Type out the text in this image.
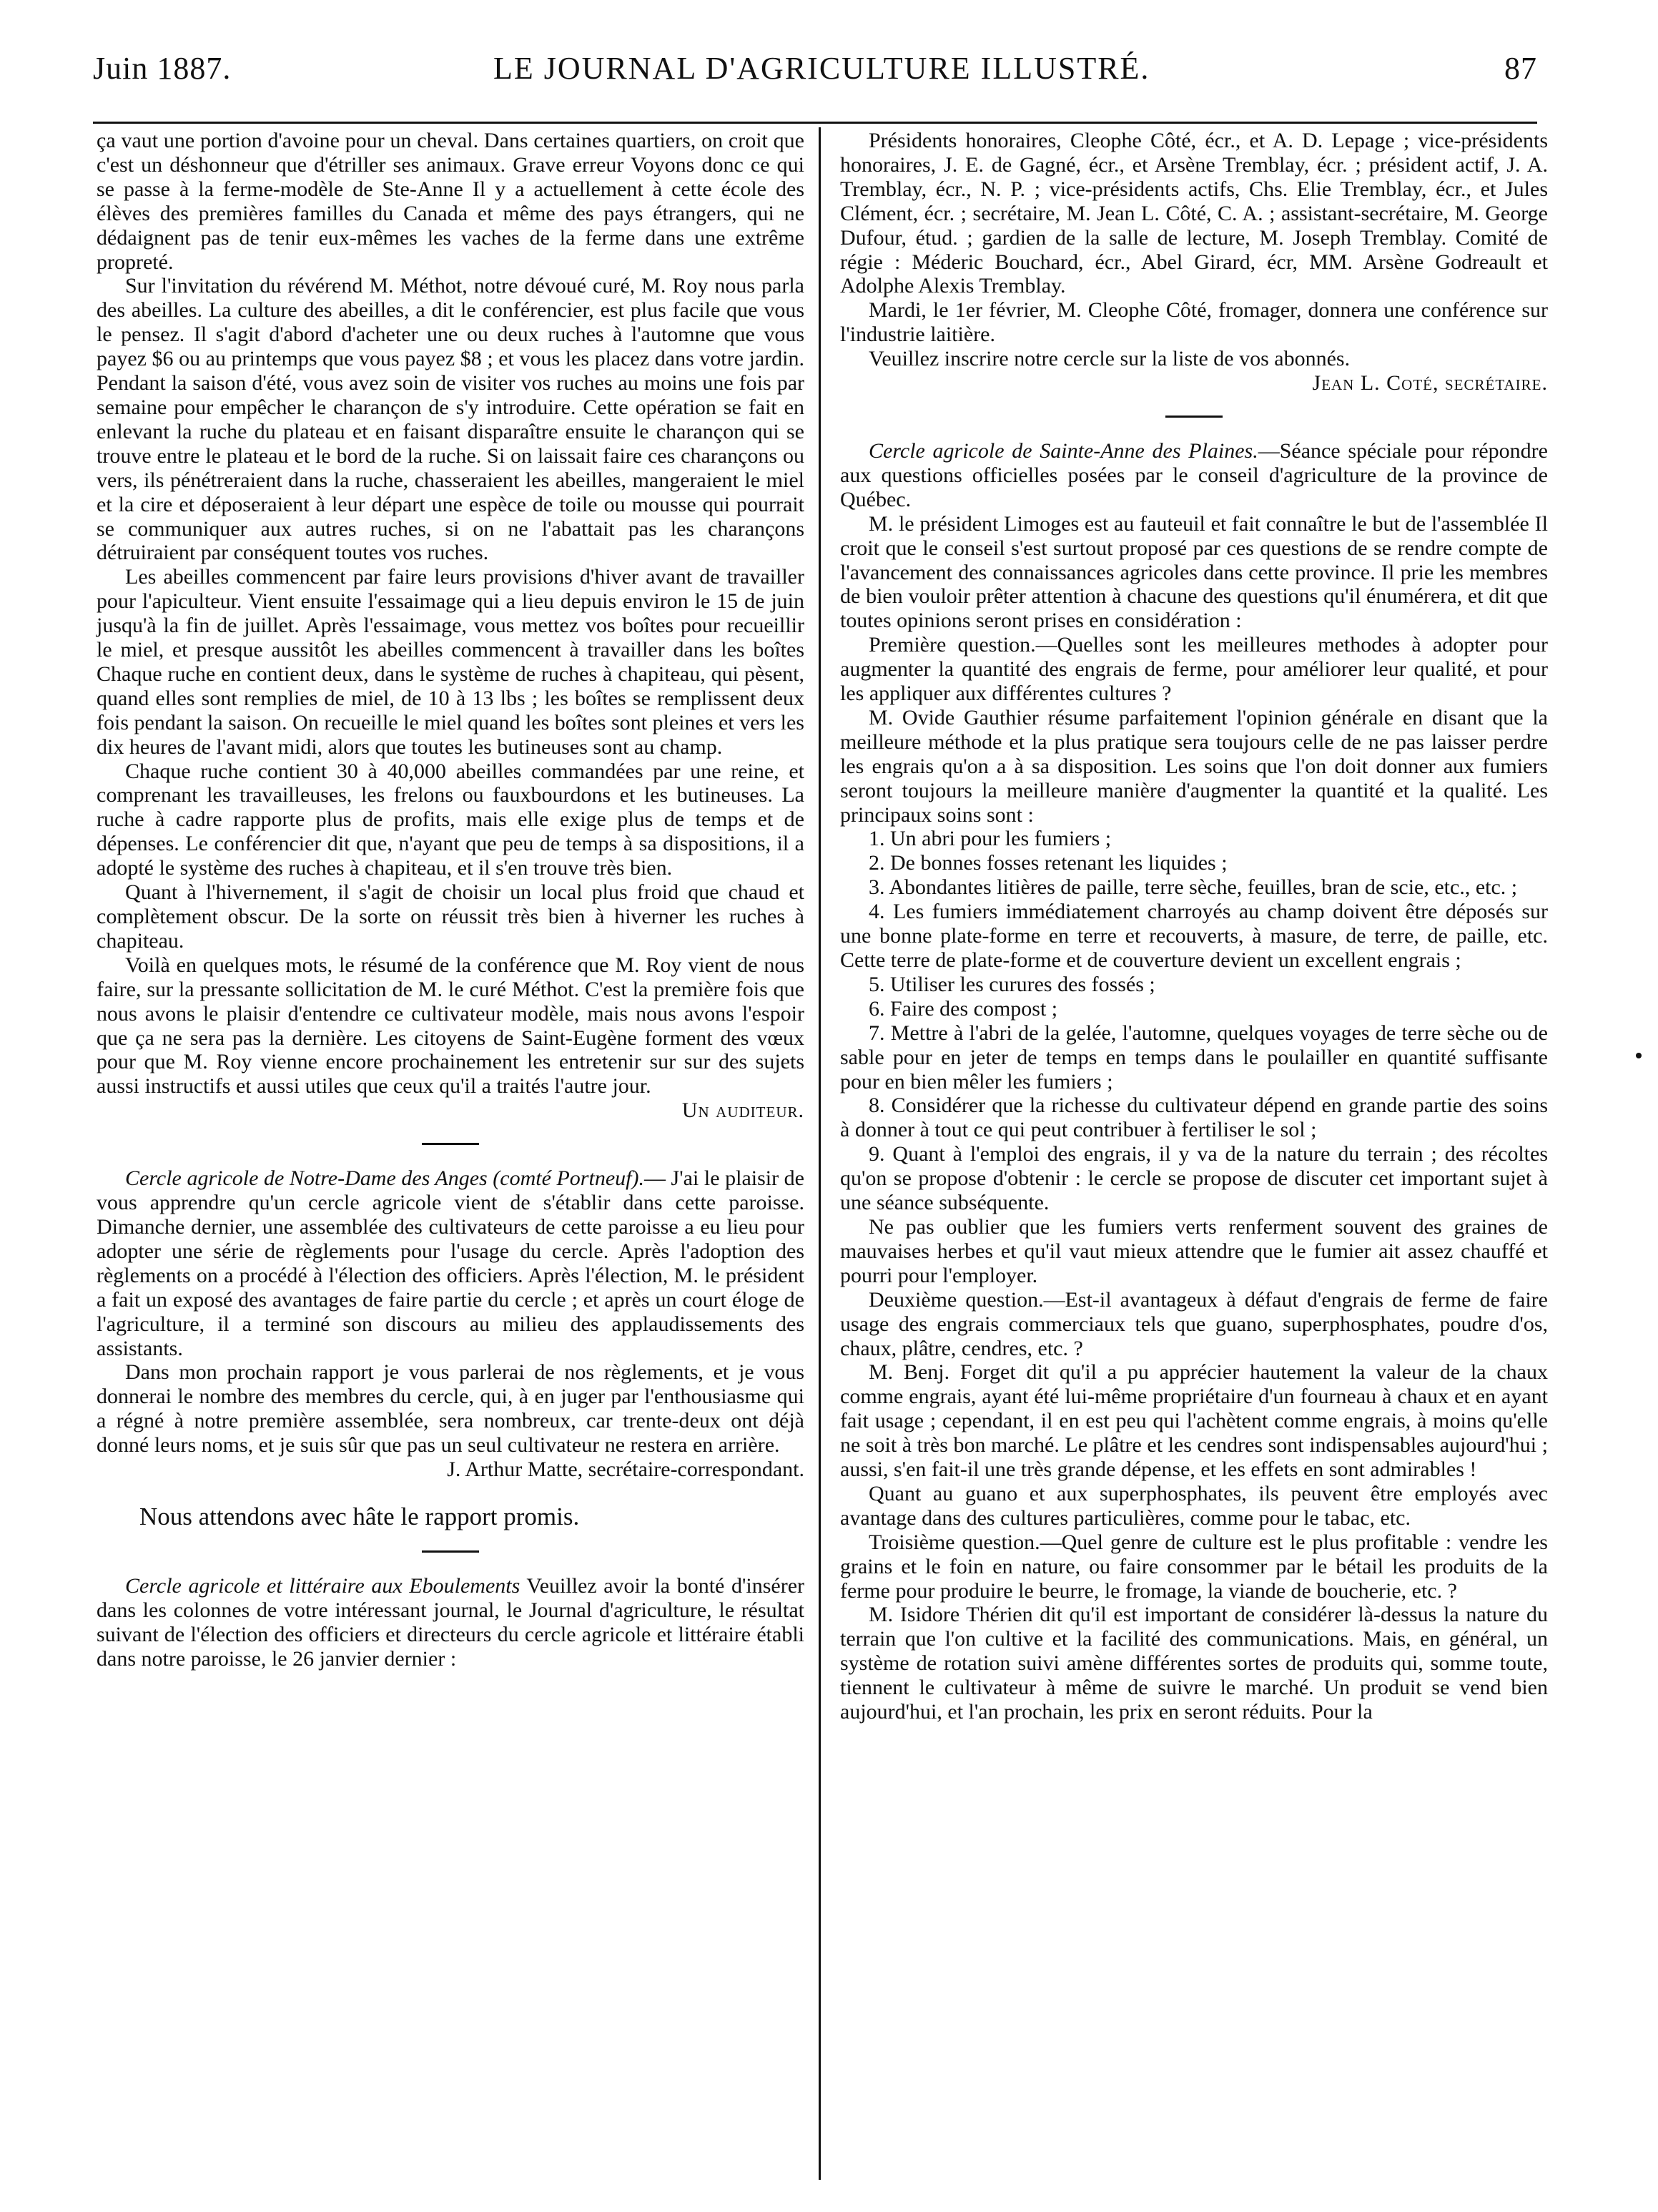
Juin 1887.	LE JOURNAL D'AGRICULTURE ILLUSTRÉ.	87

ça vaut une portion d'avoine pour un cheval. Dans certaines quartiers, on croit que c'est un déshonneur que d'étriller ses animaux. Grave erreur Voyons donc ce qui se passe à la ferme-modèle de Ste-Anne Il y a actuellement à cette école des élèves des premières familles du Canada et même des pays étrangers, qui ne dédaignent pas de tenir eux-mêmes les vaches de la ferme dans une extrême propreté.

Sur l'invitation du révérend M. Méthot, notre dévoué curé, M. Roy nous parla des abeilles. La culture des abeilles, a dit le conférencier, est plus facile que vous le pensez. Il s'agit d'abord d'acheter une ou deux ruches à l'automne que vous payez $6 ou au printemps que vous payez $8 ; et vous les placez dans votre jardin. Pendant la saison d'été, vous avez soin de visiter vos ruches au moins une fois par semaine pour empêcher le charançon de s'y introduire. Cette opération se fait en enlevant la ruche du plateau et en faisant disparaître ensuite le charançon qui se trouve entre le plateau et le bord de la ruche. Si on laissait faire ces charançons ou vers, ils pénétreraient dans la ruche, chasseraient les abeilles, mangeraient le miel et la cire et déposeraient à leur départ une espèce de toile ou mousse qui pourrait se communiquer aux autres ruches, si on ne l'abattait pas les charançons détruiraient par conséquent toutes vos ruches.

Les abeilles commencent par faire leurs provisions d'hiver avant de travailler pour l'apiculteur. Vient ensuite l'essaimage qui a lieu depuis environ le 15 de juin jusqu'à la fin de juillet. Après l'essaimage, vous mettez vos boîtes pour recueillir le miel, et presque aussitôt les abeilles commencent à travailler dans les boîtes Chaque ruche en contient deux, dans le système de ruches à chapiteau, qui pèsent, quand elles sont remplies de miel, de 10 à 13 lbs ; les boîtes se remplissent deux fois pendant la saison. On recueille le miel quand les boîtes sont pleines et vers les dix heures de l'avant midi, alors que toutes les butineuses sont au champ.

Chaque ruche contient 30 à 40,000 abeilles commandées par une reine, et comprenant les travailleuses, les frelons ou fauxbourdons et les butineuses. La ruche à cadre rapporte plus de profits, mais elle exige plus de temps et de dépenses. Le conférencier dit que, n'ayant que peu de temps à sa dispositions, il a adopté le système des ruches à chapiteau, et il s'en trouve très bien.

Quant à l'hivernement, il s'agit de choisir un local plus froid que chaud et complètement obscur. De la sorte on réussit très bien à hiverner les ruches à chapiteau.

Voilà en quelques mots, le résumé de la conférence que M. Roy vient de nous faire, sur la pressante sollicitation de M. le curé Méthot. C'est la première fois que nous avons le plaisir d'entendre ce cultivateur modèle, mais nous avons l'espoir que ça ne sera pas la dernière. Les citoyens de Saint-Eugène forment des vœux pour que M. Roy vienne encore prochainement les entretenir sur sur des sujets aussi instructifs et aussi utiles que ceux qu'il a traités l'autre jour.

Un auditeur.

Cercle agricole de Notre-Dame des Anges (comté Portneuf).— J'ai le plaisir de vous apprendre qu'un cercle agricole vient de s'établir dans cette paroisse. Dimanche dernier, une assemblée des cultivateurs de cette paroisse a eu lieu pour adopter une série de règlements pour l'usage du cercle. Après l'adoption des règlements on a procédé à l'élection des officiers. Après l'élection, M. le président a fait un exposé des avantages de faire partie du cercle ; et après un court éloge de l'agriculture, il a terminé son discours au milieu des applaudissements des assistants.

Dans mon prochain rapport je vous parlerai de nos règlements, et je vous donnerai le nombre des membres du cercle, qui, à en juger par l'enthousiasme qui a régné à notre première assemblée, sera nombreux, car trente-deux ont déjà donné leurs noms, et je suis sûr que pas un seul cultivateur ne restera en arrière.

J. Arthur Matte, secrétaire-correspondant.

Nous attendons avec hâte le rapport promis.

Cercle agricole et littéraire aux Eboulements Veuillez avoir la bonté d'insérer dans les colonnes de votre intéressant journal, le Journal d'agriculture, le résultat suivant de l'élection des officiers et directeurs du cercle agricole et littéraire établi dans notre paroisse, le 26 janvier dernier :

Présidents honoraires, Cleophe Côté, écr., et A. D. Lepage ; vice-présidents honoraires, J. E. de Gagné, écr., et Arsène Tremblay, écr. ; président actif, J. A. Tremblay, écr., N. P. ; vice-présidents actifs, Chs. Elie Tremblay, écr., et Jules Clément, écr. ; secrétaire, M. Jean L. Côté, C. A. ; assistant-secrétaire, M. George Dufour, étud. ; gardien de la salle de lecture, M. Joseph Tremblay. Comité de régie : Méderic Bouchard, écr., Abel Girard, écr, MM. Arsène Godreault et Adolphe Alexis Tremblay.

Mardi, le 1er février, M. Cleophe Côté, fromager, donnera une conférence sur l'industrie laitière.

Veuillez inscrire notre cercle sur la liste de vos abonnés.

Jean L. Coté, secrétaire.

Cercle agricole de Sainte-Anne des Plaines.—Séance spéciale pour répondre aux questions officielles posées par le conseil d'agriculture de la province de Québec.

M. le président Limoges est au fauteuil et fait connaître le but de l'assemblée Il croit que le conseil s'est surtout proposé par ces questions de se rendre compte de l'avancement des connaissances agricoles dans cette province. Il prie les membres de bien vouloir prêter attention à chacune des questions qu'il énumérera, et dit que toutes opinions seront prises en considération :

Première question.—Quelles sont les meilleures methodes à adopter pour augmenter la quantité des engrais de ferme, pour améliorer leur qualité, et pour les appliquer aux différentes cultures ?

M. Ovide Gauthier résume parfaitement l'opinion générale en disant que la meilleure méthode et la plus pratique sera toujours celle de ne pas laisser perdre les engrais qu'on a à sa disposition. Les soins que l'on doit donner aux fumiers seront toujours la meilleure manière d'augmenter la quantité et la qualité. Les principaux soins sont :

1. Un abri pour les fumiers ;
2. De bonnes fosses retenant les liquides ;
3. Abondantes litières de paille, terre sèche, feuilles, bran de scie, etc., etc. ;
4. Les fumiers immédiatement charroyés au champ doivent être déposés sur une bonne plate-forme en terre et recouverts, à masure, de terre, de paille, etc. Cette terre de plate-forme et de couverture devient un excellent engrais ;
5. Utiliser les curures des fossés ;
6. Faire des compost ;
7. Mettre à l'abri de la gelée, l'automne, quelques voyages de terre sèche ou de sable pour en jeter de temps en temps dans le poulailler en quantité suffisante pour en bien mêler les fumiers ;
8. Considérer que la richesse du cultivateur dépend en grande partie des soins à donner à tout ce qui peut contribuer à fertiliser le sol ;
9. Quant à l'emploi des engrais, il y va de la nature du terrain ; des récoltes qu'on se propose d'obtenir : le cercle se propose de discuter cet important sujet à une séance subséquente.

Ne pas oublier que les fumiers verts renferment souvent des graines de mauvaises herbes et qu'il vaut mieux attendre que le fumier ait assez chauffé et pourri pour l'employer.

Deuxième question.—Est-il avantageux à défaut d'engrais de ferme de faire usage des engrais commerciaux tels que guano, superphosphates, poudre d'os, chaux, plâtre, cendres, etc. ?

M. Benj. Forget dit qu'il a pu apprécier hautement la valeur de la chaux comme engrais, ayant été lui-même propriétaire d'un fourneau à chaux et en ayant fait usage ; cependant, il en est peu qui l'achètent comme engrais, à moins qu'elle ne soit à très bon marché. Le plâtre et les cendres sont indispensables aujourd'hui ; aussi, s'en fait-il une très grande dépense, et les effets en sont admirables !

Quant au guano et aux superphosphates, ils peuvent être employés avec avantage dans des cultures particulières, comme pour le tabac, etc.

Troisième question.—Quel genre de culture est le plus profitable : vendre les grains et le foin en nature, ou faire consommer par le bétail les produits de la ferme pour produire le beurre, le fromage, la viande de boucherie, etc. ?

M. Isidore Thérien dit qu'il est important de considérer là-dessus la nature du terrain que l'on cultive et la facilité des communications. Mais, en général, un système de rotation suivi amène différentes sortes de produits qui, somme toute, tiennent le cultivateur à même de suivre le marché. Un produit se vend bien aujourd'hui, et l'an prochain, les prix en seront réduits. Pour la
